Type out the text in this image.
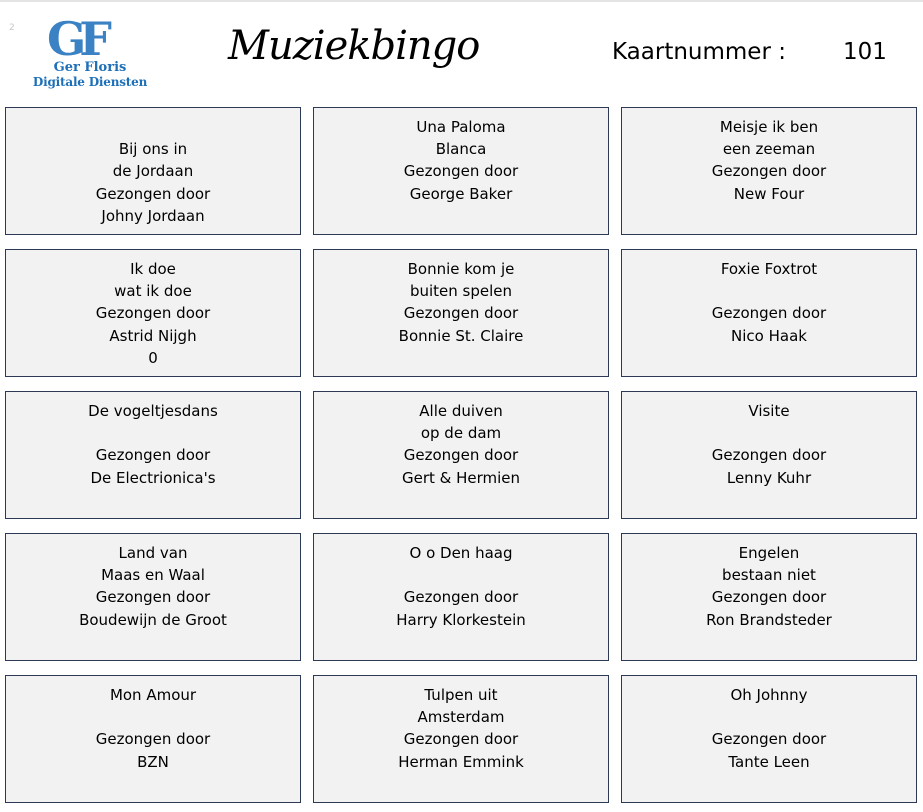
2 GF
Ger Floris
Digitale Diensten
Muziekbingo	Kaartnummer : 101
Bij ons in
de Jordaan
Gezongen door
Johny Jordaan
Una Paloma
Blanca
Gezongen door
George Baker
Meisje ik ben
een zeeman
Gezongen door
New Four
Ik doe
wat ik doe
Gezongen door
Astrid Nijgh
0
Bonnie kom je
buiten spelen
Gezongen door
Bonnie St. Claire
Foxie Foxtrot
Gezongen door
Nico Haak
De vogeltjesdans
Gezongen door
De Electrionica's
Alle duiven
op de dam
Gezongen door
Gert & Hermien
Visite
Gezongen door
Lenny Kuhr
Land van
Maas en Waal
Gezongen door
Boudewijn de Groot
O o Den haag
Gezongen door
Harry Klorkestein
Engelen
bestaan niet
Gezongen door
Ron Brandsteder
Mon Amour
Gezongen door
BZN
Tulpen uit
Amsterdam
Gezongen door
Herman Emmink
Oh Johnny
Gezongen door
Tante Leen
